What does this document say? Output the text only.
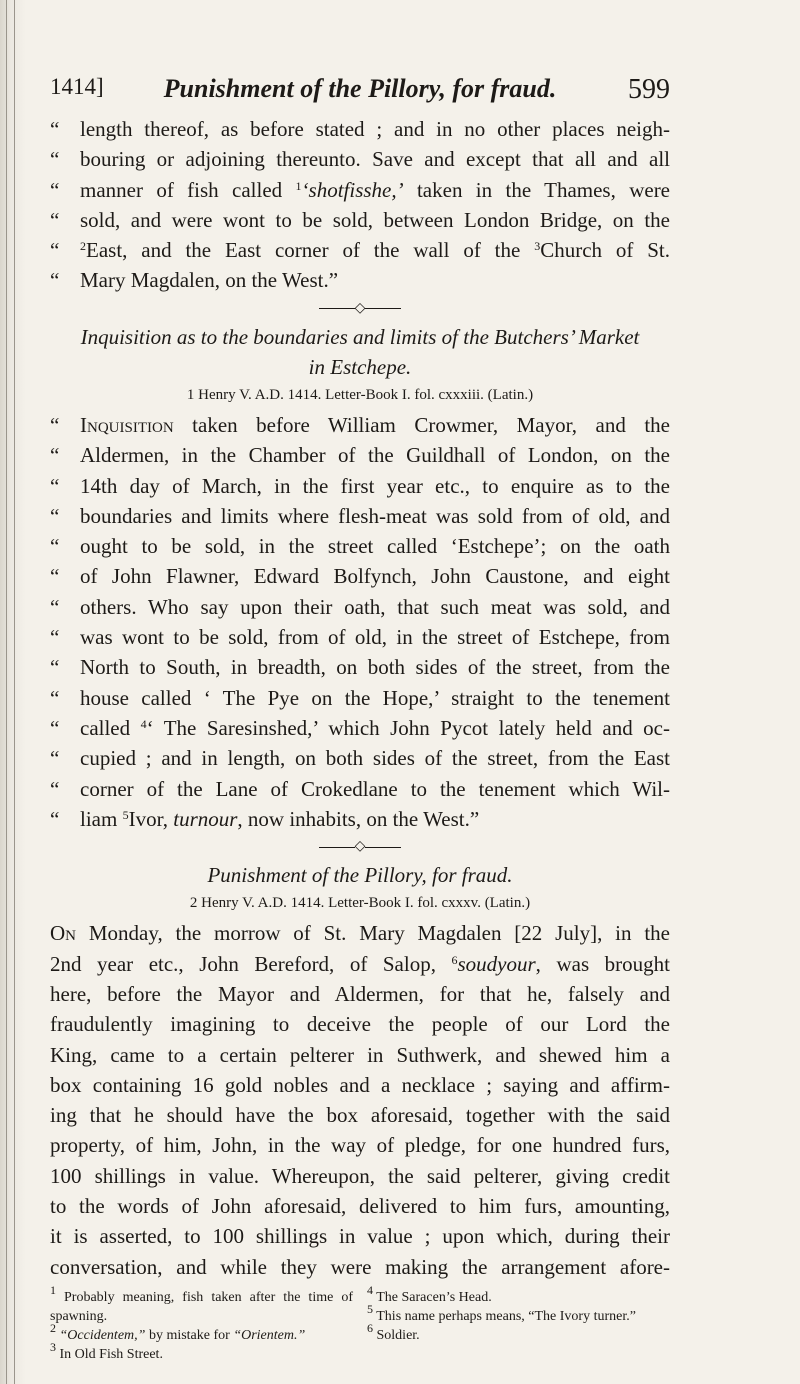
1414]	Punishment of the Pillory, for fraud.	599
“ length thereof, as before stated ; and in no other places neigh-
“ bouring or adjoining thereunto. Save and except that all and all
“ manner of fish called $^1$‘shotfisshe,’ taken in the Thames, were
“ sold, and were wont to be sold, between London Bridge, on the
“ $^2$East, and the East corner of the wall of the $^3$Church of St.
“ Mary Magdalen, on the West.”
◇
Inquisition as to the boundaries and limits of the Butchers’ Market
in Estchepe.
1 Henry V. A.D. 1414. Letter-Book I. fol. cxxxiii. (Latin.)
“ Inquisition taken before William Crowmer, Mayor, and the
“ Aldermen, in the Chamber of the Guildhall of London, on the
“ 14th day of March, in the first year etc., to enquire as to the
“ boundaries and limits where flesh-meat was sold from of old, and
“ ought to be sold, in the street called ‘Estchepe’; on the oath
“ of John Flawner, Edward Bolfynch, John Caustone, and eight
“ others. Who say upon their oath, that such meat was sold, and
“ was wont to be sold, from of old, in the street of Estchepe, from
“ North to South, in breadth, on both sides of the street, from the
“ house called ‘ The Pye on the Hope,’ straight to the tenement
“ called $^4$‘ The Saresinshed,’ which John Pycot lately held and oc-
“ cupied ; and in length, on both sides of the street, from the East
“ corner of the Lane of Crokedlane to the tenement which Wil-
“ liam $^5$Ivor, turnour, now inhabits, on the West.”
◇
Punishment of the Pillory, for fraud.
2 Henry V. A.D. 1414. Letter-Book I. fol. cxxxv. (Latin.)
On Monday, the morrow of St. Mary Magdalen [22 July], in the
2nd year etc., John Bereford, of Salop, $^6$soudyour, was brought
here, before the Mayor and Aldermen, for that he, falsely and
fraudulently imagining to deceive the people of our Lord the
King, came to a certain pelterer in Suthwerk, and shewed him a
box containing 16 gold nobles and a necklace ; saying and affirm-
ing that he should have the box aforesaid, together with the said
property, of him, John, in the way of pledge, for one hundred furs,
100 shillings in value. Whereupon, the said pelterer, giving credit
to the words of John aforesaid, delivered to him furs, amounting,
it is asserted, to 100 shillings in value ; upon which, during their
conversation, and while they were making the arrangement afore-
$^1$ Probably meaning, fish taken after the time of spawning.
$^2$ “Occidentem,” by mistake for “Orientem.”
$^3$ In Old Fish Street.
$^4$ The Saracen’s Head.
$^5$ This name perhaps means, “The Ivory turner.”
$^6$ Soldier.
